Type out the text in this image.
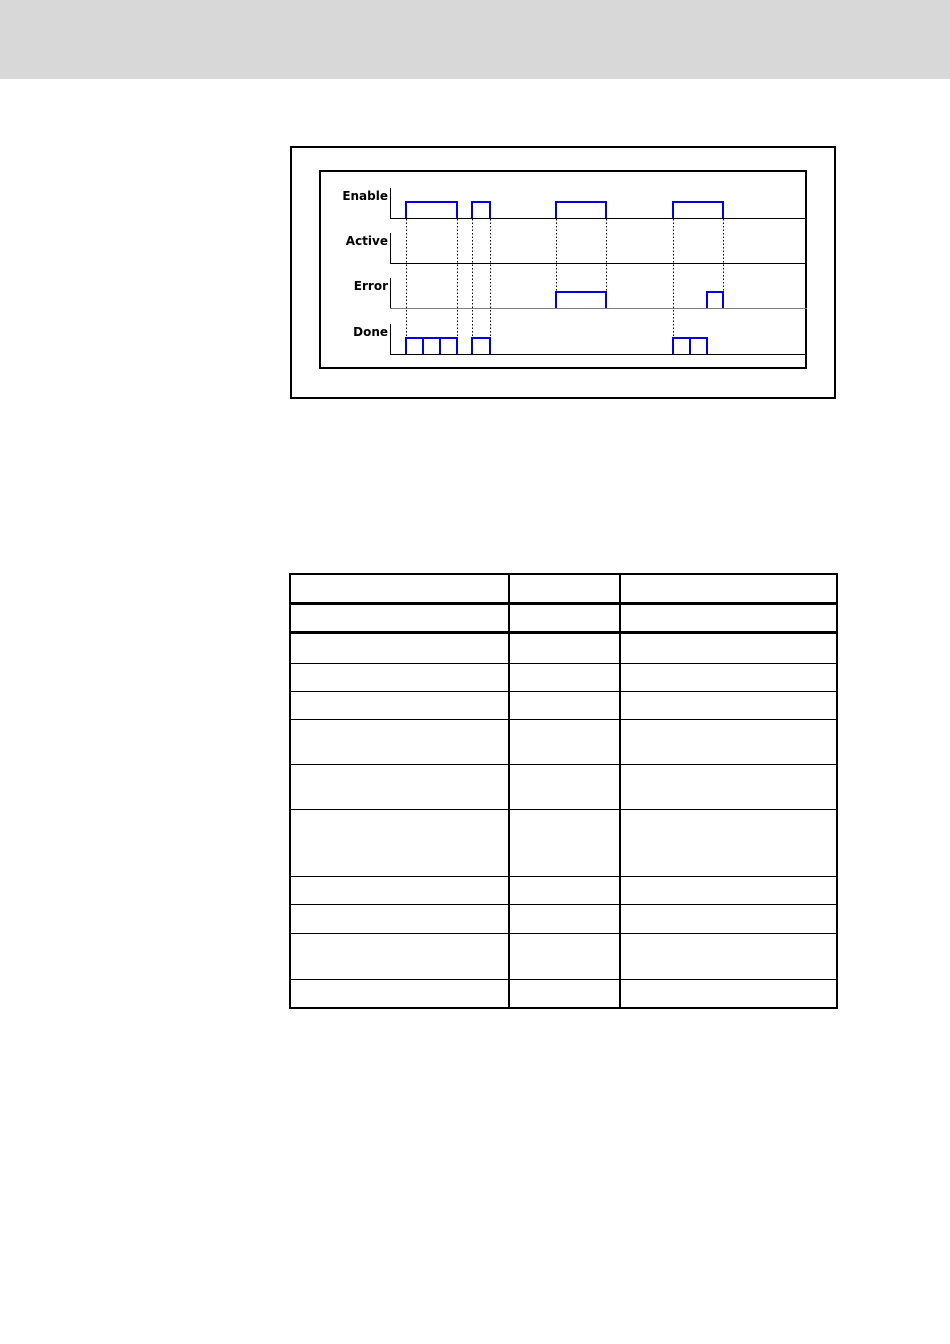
Enable
Active
Error
Done
